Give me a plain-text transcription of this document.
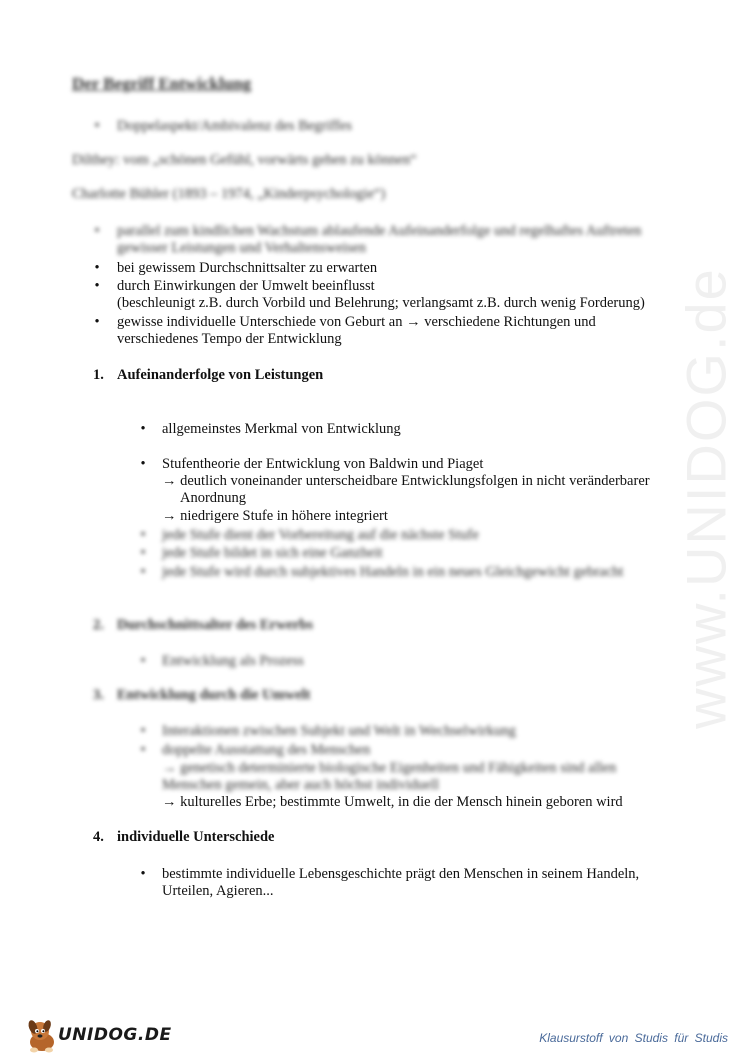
Der Begriff Entwicklung
• Doppelaspekt/Ambivalenz des Begriffes
Dilthey: vom „schönen Gefühl, vorwärts gehen zu können“
Charlotte Bühler (1893 – 1974, „Kinderpsychologie“)
• parallel zum kindlichen Wachstum ablaufende Aufeinanderfolge und regelhaftes Auftreten
gewisser Leistungen und Verhaltensweisen
• bei gewissem Durchschnittsalter zu erwarten
• durch Einwirkungen der Umwelt beeinflusst
(beschleunigt z.B. durch Vorbild und Belehrung; verlangsamt z.B. durch wenig Forderung)
• gewisse individuelle Unterschiede von Geburt an → verschiedene Richtungen und
verschiedenes Tempo der Entwicklung
1. Aufeinanderfolge von Leistungen
• allgemeinstes Merkmal von Entwicklung
• Stufentheorie der Entwicklung von Baldwin und Piaget
→ deutlich voneinander unterscheidbare Entwicklungsfolgen in nicht veränderbarer
Anordnung
→ niedrigere Stufe in höhere integriert
• jede Stufe dient der Vorbereitung auf die nächste Stufe
• jede Stufe bildet in sich eine Ganzheit
• jede Stufe wird durch subjektives Handeln in ein neues Gleichgewicht gebracht
2. Durchschnittsalter des Erwerbs
• Entwicklung als Prozess
3. Entwicklung durch die Umwelt
• Interaktionen zwischen Subjekt und Welt in Wechselwirkung
• doppelte Ausstattung des Menschen
→ genetisch determinierte biologische Eigenheiten und Fähigkeiten sind allen
Menschen gemein, aber auch höchst individuell
→ kulturelles Erbe; bestimmte Umwelt, in die der Mensch hinein geboren wird
4. individuelle Unterschiede
• bestimmte individuelle Lebensgeschichte prägt den Menschen in seinem Handeln,
Urteilen, Agieren...
www.UNIDOG.de
UNIDOG.DE	Klausurstoff von Studis für Studis
